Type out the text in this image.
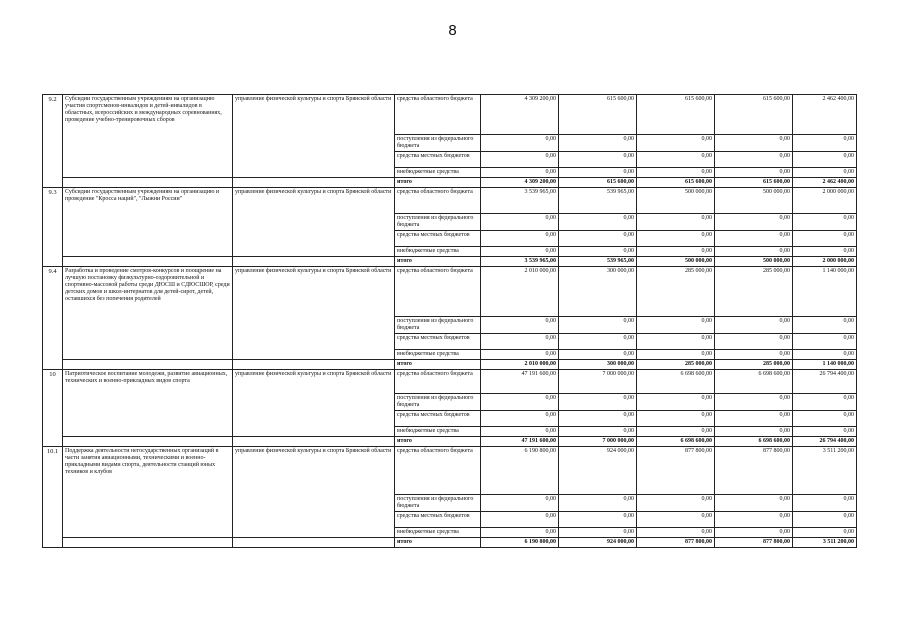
8
9.2	Субсидии государственным учреждениям на организацию участия спортсменов-инвалидов и детей-инвалидов в областных, всероссийских и международных соревнованиях, проведение учебно-тренировочных сборов	управление физической культуры и спорта Брянской области	средства областного бюджета	4 309 200,00	615 600,00	615 600,00	615 600,00	2 462 400,00
			поступления из федерального бюджета	0,00	0,00	0,00	0,00	0,00
			средства местных бюджетов	0,00	0,00	0,00	0,00	0,00
			внебюджетные средства	0,00	0,00	0,00	0,00	0,00
			итого	4 309 200,00	615 600,00	615 600,00	615 600,00	2 462 400,00
9.3	Субсидии государственным учреждениям на организацию и проведение "Кросса наций", "Лыжни России"	управление физической культуры и спорта Брянской области	средства областного бюджета	3 539 965,00	539 965,00	500 000,00	500 000,00	2 000 000,00
			поступления из федерального бюджета	0,00	0,00	0,00	0,00	0,00
			средства местных бюджетов	0,00	0,00	0,00	0,00	0,00
			внебюджетные средства	0,00	0,00	0,00	0,00	0,00
			итого	3 539 965,00	539 965,00	500 000,00	500 000,00	2 000 000,00
9.4	Разработка и проведение смотров-конкурсов и поощрение на лучшую постановку физкультурно-оздоровительной и спортивно-массовой работы среди ДЮСШ и СДЮСШОР, среди детских домов и школ-интернатов для детей-сирот, детей, оставшихся без попечения родителей	управление физической культуры и спорта Брянской области	средства областного бюджета	2 010 000,00	300 000,00	285 000,00	285 000,00	1 140 000,00
			поступления из федерального бюджета	0,00	0,00	0,00	0,00	0,00
			средства местных бюджетов	0,00	0,00	0,00	0,00	0,00
			внебюджетные средства	0,00	0,00	0,00	0,00	0,00
			итого	2 010 000,00	300 000,00	285 000,00	285 000,00	1 140 000,00
10	Патриотическое воспитание молодежи, развитие авиационных, технических и военно-прикладных видов спорта	управление физической культуры и спорта Брянской области	средства областного бюджета	47 191 600,00	7 000 000,00	6 698 600,00	6 698 600,00	26 794 400,00
			поступления из федерального бюджета	0,00	0,00	0,00	0,00	0,00
			средства местных бюджетов	0,00	0,00	0,00	0,00	0,00
			внебюджетные средства	0,00	0,00	0,00	0,00	0,00
			итого	47 191 600,00	7 000 000,00	6 698 600,00	6 698 600,00	26 794 400,00
10.1	Поддержка деятельности негосударственных организаций в части занятия авиационными, техническими и военно-прикладными видами спорта, деятельности станций юных техников и клубов	управление физической культуры и спорта Брянской области	средства областного бюджета	6 190 800,00	924 000,00	877 800,00	877 800,00	3 511 200,00
			поступления из федерального бюджета	0,00	0,00	0,00	0,00	0,00
			средства местных бюджетов	0,00	0,00	0,00	0,00	0,00
			внебюджетные средства	0,00	0,00	0,00	0,00	0,00
			итого	6 190 800,00	924 000,00	877 800,00	877 800,00	3 511 200,00
